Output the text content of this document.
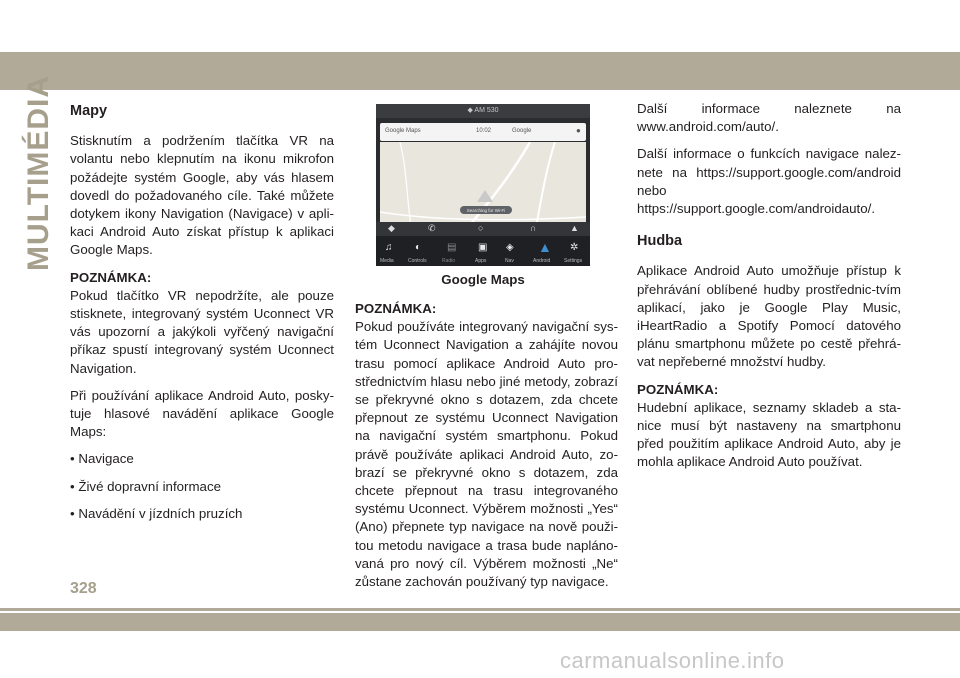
MULTIMÉDIA Mapy

Stisknutím a podržením tlačítka VR na volantu nebo klepnutím na ikonu mikrofon požádejte systém Google, aby vás hlasem dovedl do požadovaného cíle. Také můžete dotykem ikony Navigation (Navigace) v apli-kaci Android Auto získat přístup k aplikaci Google Maps.

POZNÁMKA:
Pokud tlačítko VR nepodržíte, ale pouze stisknete, integrovaný systém Uconnect VR vás upozorní a jakýkoli vyřčený navigační příkaz spustí integrovaný systém Uconnect Navigation.

Při používání aplikace Android Auto, posky-tuje hlasové navádění aplikace Google Maps:

• Navigace
• Živé dopravní informace
• Navádění v jízdních pruzích
◆ AM 530
Google Maps	10:02	Google	●
Searching for Wi-Fi
◆	✆	○	∩	▲
♫ ◐	▤ ▣ ◈ ▲ ✲
Media	Controls	Radio	Apps	Nav	Android	Settings
Google Maps

POZNÁMKA:
Pokud používáte integrovaný navigační sys-tém Uconnect Navigation a zahájíte novou trasu pomocí aplikace Android Auto pro-střednictvím hlasu nebo jiné metody, zobrazí se překryvné okno s dotazem, zda chcete přepnout ze systému Uconnect Navigation na navigační systém smartphonu. Pokud právě používáte aplikaci Android Auto, zo-brazí se překryvné okno s dotazem, zda chcete přepnout na trasu integrovaného systému Uconnect. Výběrem možnosti „Yes“ (Ano) přepnete typ navigace na nově použi-tou metodu navigace a trasa bude napláno-vaná pro nový cíl. Výběrem možnosti „Ne“ zůstane zachován používaný typ navigace.

Další informace naleznete na www.android.com/auto/.

Další informace o funkcích navigace nalez-nete na https://support.google.com/android nebo https://support.google.com/androidauto/.

Hudba

Aplikace Android Auto umožňuje přístup k přehrávání oblíbené hudby prostřednic-tvím aplikací, jako je Google Play Music, iHeartRadio a Spotify Pomocí datového plánu smartphonu můžete po cestě přehrá-vat nepřeberné množství hudby.

POZNÁMKA:
Hudební aplikace, seznamy skladeb a sta-nice musí být nastaveny na smartphonu před použitím aplikace Android Auto, aby je mohla aplikace Android Auto používat.

328
carmanualsonline.info
